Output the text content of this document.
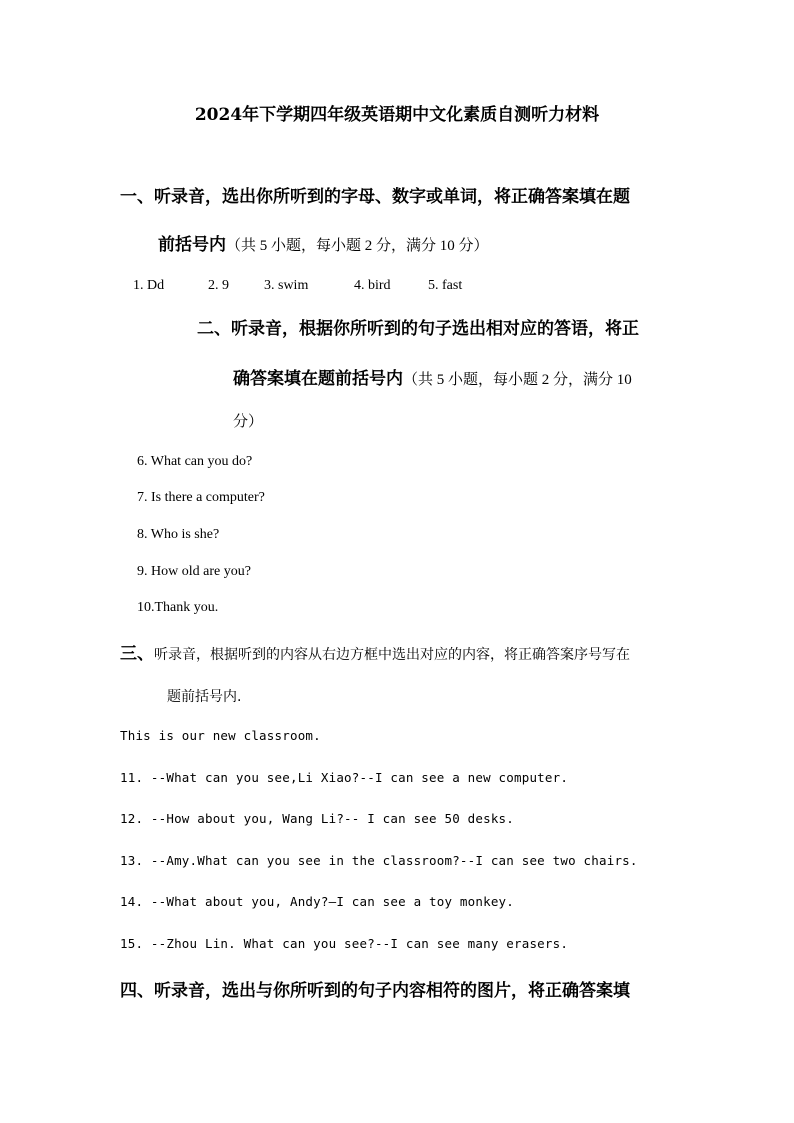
2024年下学期四年级英语期中文化素质自测听力材料
一、听录音，选出你所听到的字母、数字或单词，将正确答案填在题
前括号内（共 5 小题，每小题 2 分，满分 10 分）
1. Dd	2. 9	3. swim	4. bird	5. fast
二、听录音，根据你所听到的句子选出相对应的答语，将正
确答案填在题前括号内（共 5 小题，每小题 2 分，满分 10
分）
6. What can you do?
7. Is there a computer?
8. Who is she?
9. How old are you?
10.Thank you.
三、听录音，根据听到的内容从右边方框中选出对应的内容，将正确答案序号写在
题前括号内.
This is our new classroom.
11. --What can you see,Li Xiao?--I can see a new computer.
12. --How about you, Wang Li?-- I can see 50 desks.
13. --Amy.What can you see in the classroom?--I can see two chairs.
14. --What about you, Andy?—I can see a toy monkey.
15. --Zhou Lin. What can you see?--I can see many erasers.
四、听录音，选出与你所听到的句子内容相符的图片，将正确答案填
